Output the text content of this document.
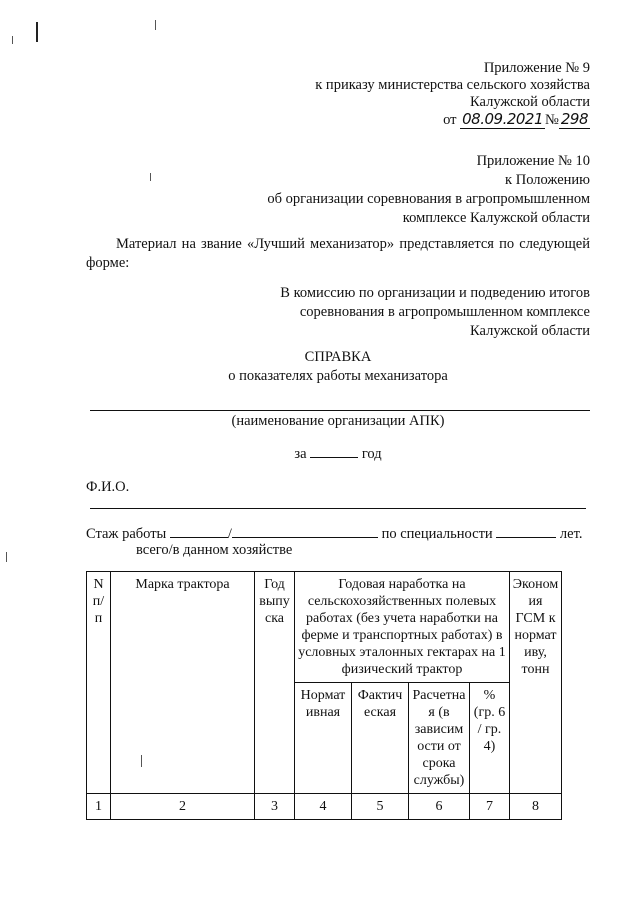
Приложение № 9
к приказу министерства сельского хозяйства
Калужской области
от 08.09.2021 № 298
Приложение № 10
к Положению
об организации соревнования в агропромышленном
комплексе Калужской области
Материал на звание «Лучший механизатор» представляется по следующей
форме:
В комиссию по организации и подведению итогов
соревнования в агропромышленном комплексе
Калужской области
СПРАВКА
о показателях работы механизатора
(наименование организации АПК)
за	год
Ф.И.О.
Стаж работы	/	по специальности	лет.
всего/в данном хозяйстве
N п/ п	Марка трактора	Год выпу ска	Годовая наработка на сельскохозяйственных полевых работах (без учета наработки на ферме и транспортных работах) в условных эталонных гектарах на 1 физический трактор				Эконом ия ГСМ к нормат иву, тонн
			Нормат ивная	Фактич еская	Расчетна я (в зависим ости от срока службы)	% (гр. 6 / гр. 4)	
1	2	3	4	5	6	7	8
